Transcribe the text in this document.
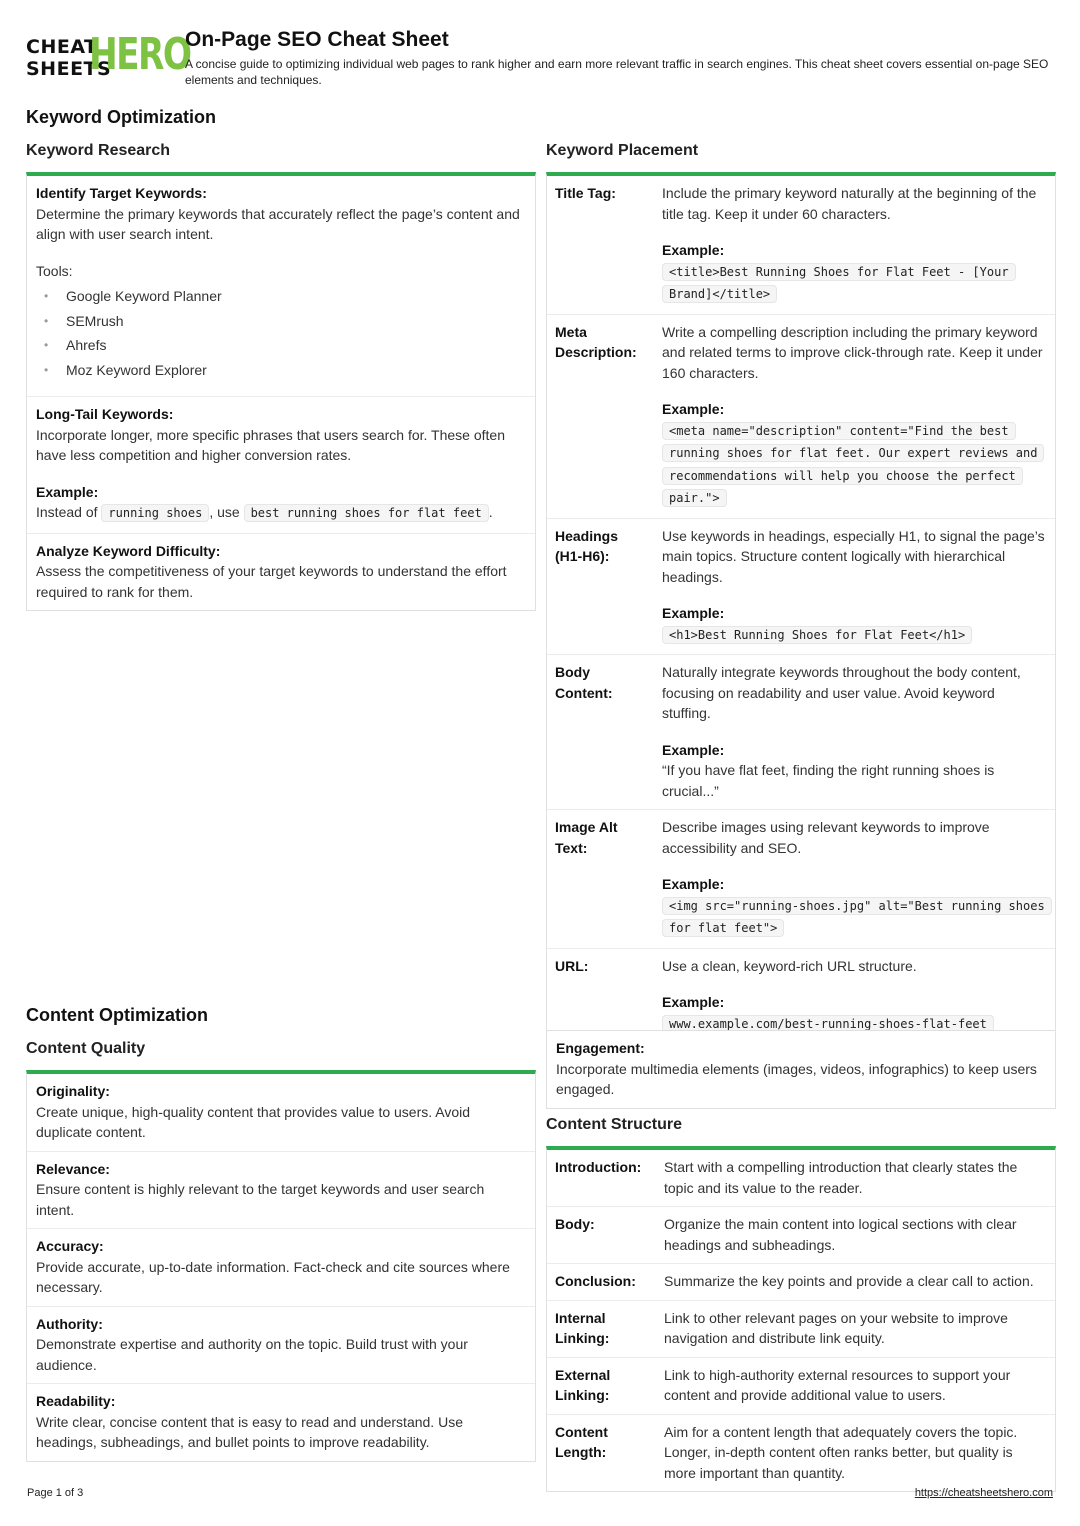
CHEAT
SHEETS
HERO
On-Page SEO Cheat Sheet

A concise guide to optimizing individual web pages to rank higher and earn more relevant traffic in search engines. This cheat sheet covers essential on-page SEO elements and techniques.

Keyword Optimization
Keyword Research	Keyword Placement
Identify Target Keywords:
Determine the primary keywords that accurately reflect the page’s content and align with user search intent.
Tools:
• Google Keyword Planner
• SEMrush
• Ahrefs
• Moz Keyword Explorer
Long-Tail Keywords:
Incorporate longer, more specific phrases that users search for. These often have less competition and higher conversion rates.
Example:
Instead of running shoes , use best running shoes for flat feet .
Analyze Keyword Difficulty:
Assess the competitiveness of your target keywords to understand the effort required to rank for them.
Title Tag:	Include the primary keyword naturally at the beginning of the title tag. Keep it under 60 characters.
Example:
<title>Best Running Shoes for Flat Feet - [Your Brand]</title>
Meta Description:	Write a compelling description including the primary keyword and related terms to improve click-through rate. Keep it under 160 characters.
Example:
<meta name="description" content="Find the best running shoes for flat feet. Our expert reviews and recommendations will help you choose the perfect pair.">
Headings (H1-H6):	Use keywords in headings, especially H1, to signal the page’s main topics. Structure content logically with hierarchical headings.
Example:
<h1>Best Running Shoes for Flat Feet</h1>
Body Content:	Naturally integrate keywords throughout the body content, focusing on readability and user value. Avoid keyword stuffing.
Example:
“If you have flat feet, finding the right running shoes is crucial...”

Image Alt Text:	Describe images using relevant keywords to improve accessibility and SEO.
Example:
<img src="running-shoes.jpg" alt="Best running shoes for flat feet">
URL:	Use a clean, keyword-rich URL structure.
Example:
www.example.com/best-running-shoes-flat-feet
Content Optimization
Content Quality
Originality:
Create unique, high-quality content that provides value to users. Avoid duplicate content.
Relevance:
Ensure content is highly relevant to the target keywords and user search intent.
Accuracy:
Provide accurate, up-to-date information. Fact-check and cite sources where necessary.
Authority:
Demonstrate expertise and authority on the topic. Build trust with your audience.
Readability:
Write clear, concise content that is easy to read and understand. Use headings, subheadings, and bullet points to improve readability.
Engagement:
Incorporate multimedia elements (images, videos, infographics) to keep users engaged.
Content Structure
Introduction:	Start with a compelling introduction that clearly states the topic and its value to the reader.
Body:	Organize the main content into logical sections with clear headings and subheadings.
Conclusion:	Summarize the key points and provide a clear call to action.
Internal Linking:	Link to other relevant pages on your website to improve navigation and distribute link equity.
External Linking:	Link to high-authority external resources to support your content and provide additional value to users.
Content Length:	Aim for a content length that adequately covers the topic. Longer, in-depth content often ranks better, but quality is more important than quantity.
Page 1 of 3	https://cheatsheetshero.com
